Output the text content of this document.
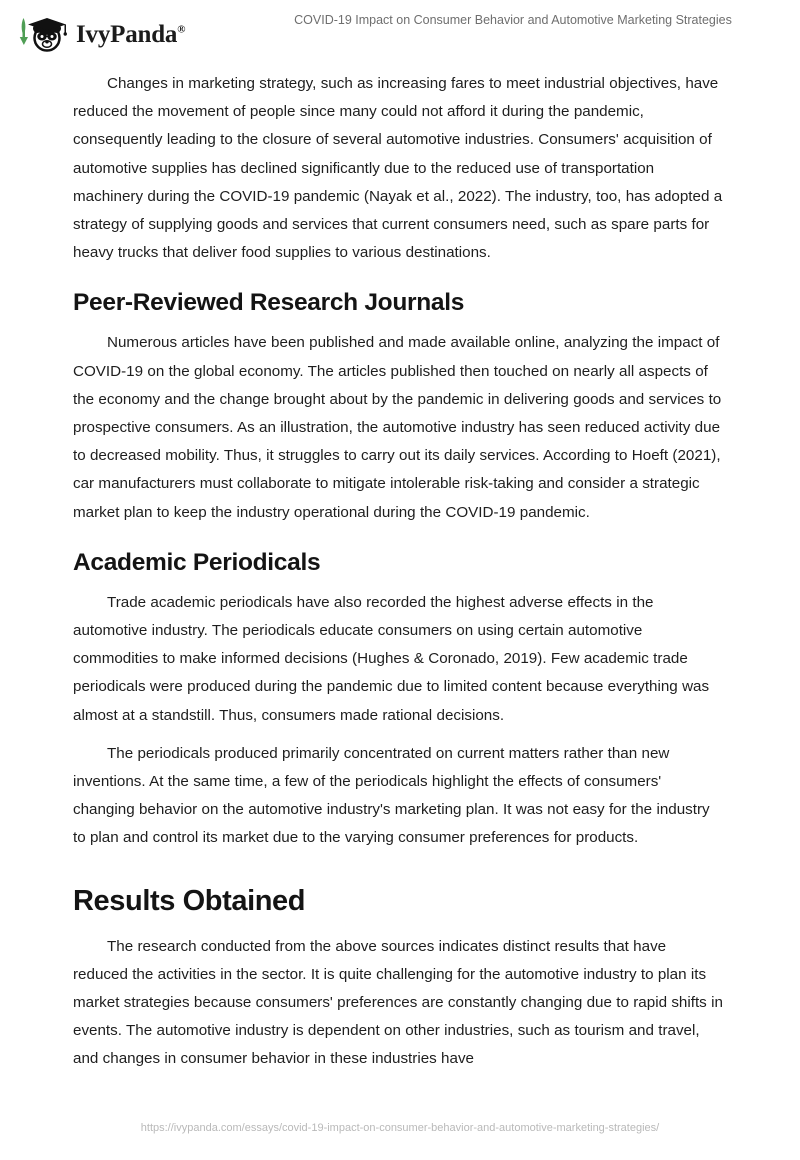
IvyPanda®
COVID-19 Impact on Consumer Behavior and Automotive Marketing Strategies

Changes in marketing strategy, such as increasing fares to meet industrial objectives, have reduced the movement of people since many could not afford it during the pandemic, consequently leading to the closure of several automotive industries. Consumers' acquisition of automotive supplies has declined significantly due to the reduced use of transportation machinery during the COVID-19 pandemic (Nayak et al., 2022). The industry, too, has adopted a strategy of supplying goods and services that current consumers need, such as spare parts for heavy trucks that deliver food supplies to various destinations.

Peer-Reviewed Research Journals

Numerous articles have been published and made available online, analyzing the impact of COVID-19 on the global economy. The articles published then touched on nearly all aspects of the economy and the change brought about by the pandemic in delivering goods and services to prospective consumers. As an illustration, the automotive industry has seen reduced activity due to decreased mobility. Thus, it struggles to carry out its daily services. According to Hoeft (2021), car manufacturers must collaborate to mitigate intolerable risk-taking and consider a strategic market plan to keep the industry operational during the COVID-19 pandemic.

Academic Periodicals

Trade academic periodicals have also recorded the highest adverse effects in the automotive industry. The periodicals educate consumers on using certain automotive commodities to make informed decisions (Hughes & Coronado, 2019). Few academic trade periodicals were produced during the pandemic due to limited content because everything was almost at a standstill. Thus, consumers made rational decisions.

The periodicals produced primarily concentrated on current matters rather than new inventions. At the same time, a few of the periodicals highlight the effects of consumers' changing behavior on the automotive industry's marketing plan. It was not easy for the industry to plan and control its market due to the varying consumer preferences for products.

Results Obtained

The research conducted from the above sources indicates distinct results that have reduced the activities in the sector. It is quite challenging for the automotive industry to plan its market strategies because consumers' preferences are constantly changing due to rapid shifts in events. The automotive industry is dependent on other industries, such as tourism and travel, and changes in consumer behavior in these industries have

https://ivypanda.com/essays/covid-19-impact-on-consumer-behavior-and-automotive-marketing-strategies/
